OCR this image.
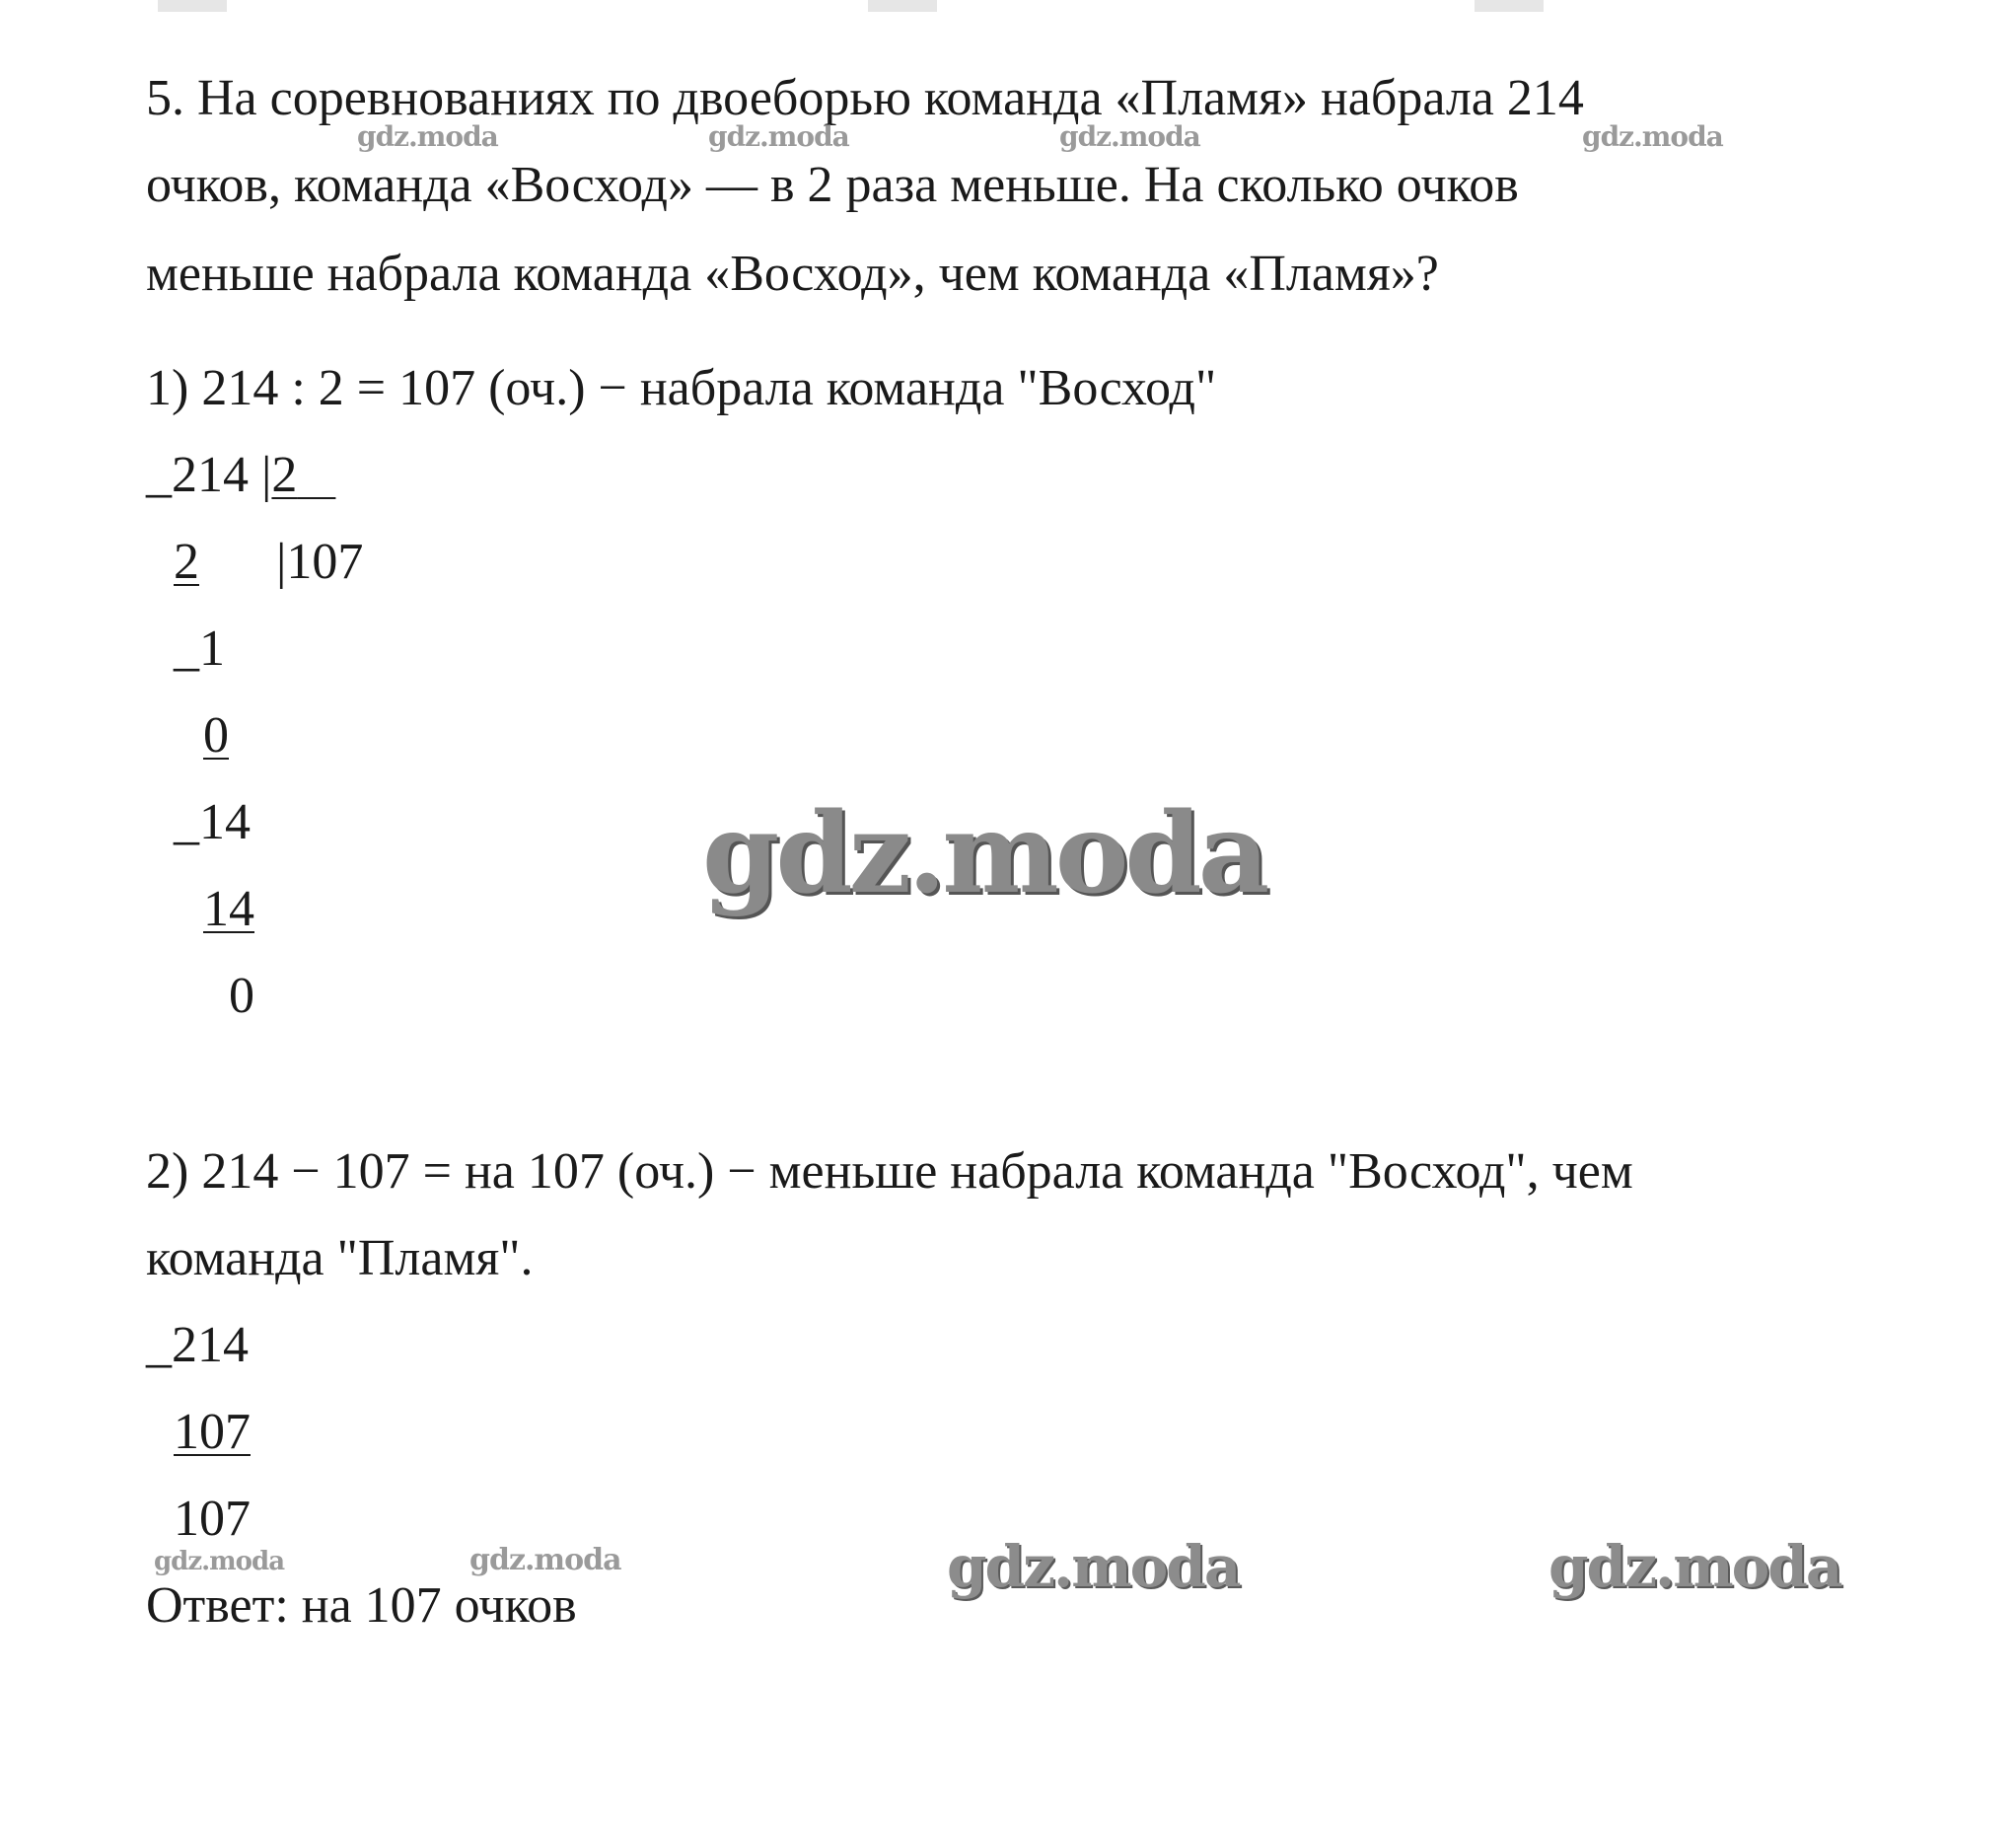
5. На соревнованиях по двоеборью команда «Пламя» набрала 214
очков, команда «Восход» — в 2 раза меньше. На сколько очков
меньше набрала команда «Восход», чем команда «Пламя»?
1) 214 : 2 = 107 (оч.) − набрала команда "Восход"
_214 |2
2 |107
_1
0
_14
14
0
2) 214 − 107 = на 107 (оч.) − меньше набрала команда "Восход", чем
команда "Пламя".
_214
107
107
Ответ: на 107 очков
gdz.moda	gdz.moda	gdz.moda	gdz.moda
gdz.moda
gdz.moda	gdz.moda	gdz.moda	gdz.moda
